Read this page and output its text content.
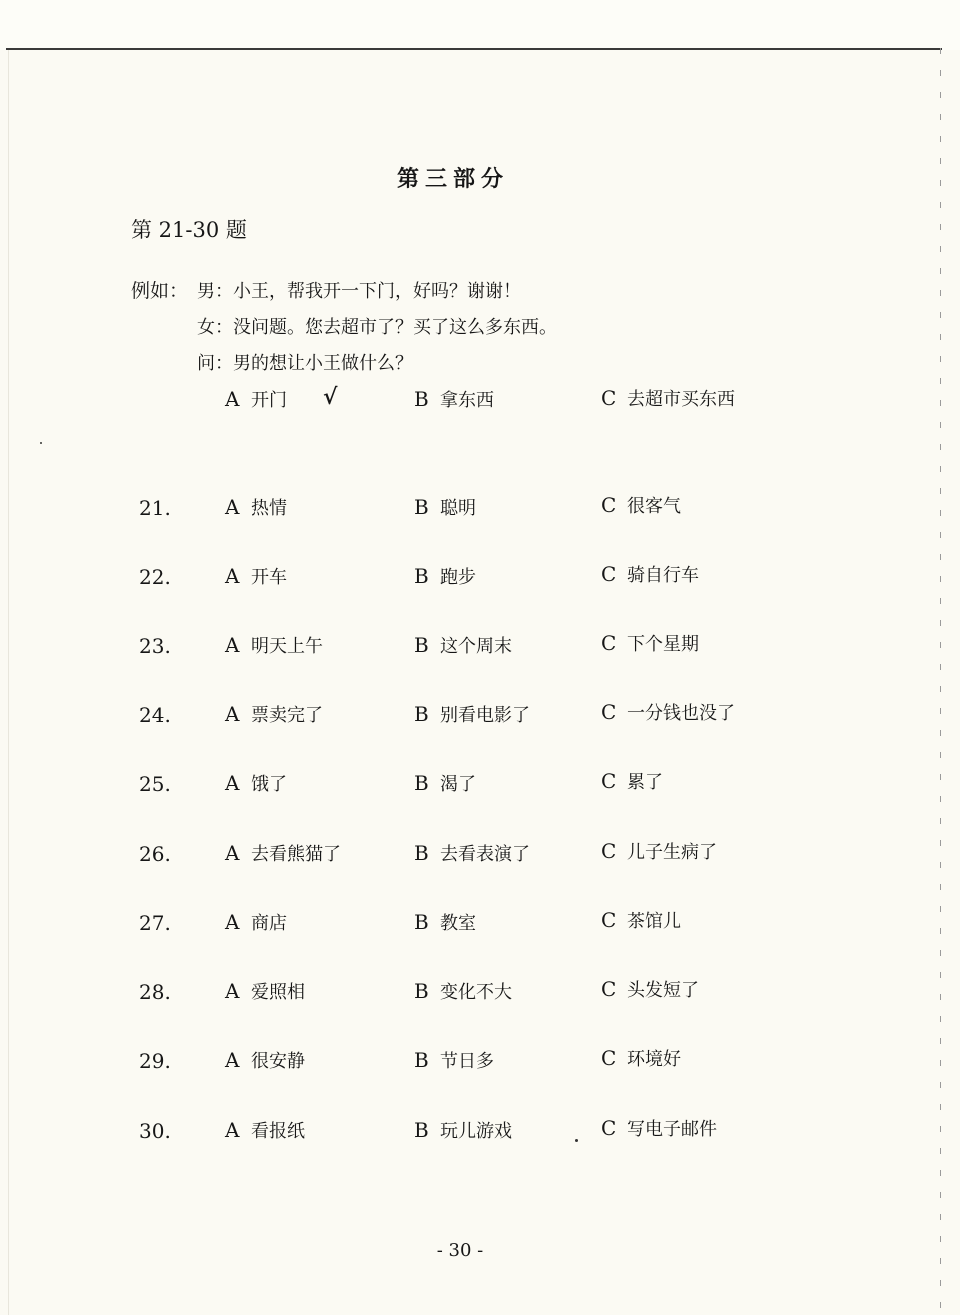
第三部分
第 21-30 题
例如： 男：小王，帮我开一下门，好吗？谢谢！
女：没问题。您去超市了？买了这么多东西。
问：男的想让小王做什么？
A 开门 √	B 拿东西	C 去超市买东西
21.	A 热情	B 聪明	C 很客气
22.	A 开车	B 跑步	C 骑自行车
23.	A 明天上午	B 这个周末	C 下个星期
24.	A 票卖完了	B 别看电影了	C 一分钱也没了
25.	A 饿了	B 渴了	C 累了
26.	A 去看熊猫了	B 去看表演了	C 儿子生病了
27.	A 商店	B 教室	C 茶馆儿
28.	A 爱照相	B 变化不大	C 头发短了
29.	A 很安静	B 节日多	C 环境好
30.	A 看报纸	B 玩儿游戏	C 写电子邮件
- 30 -
